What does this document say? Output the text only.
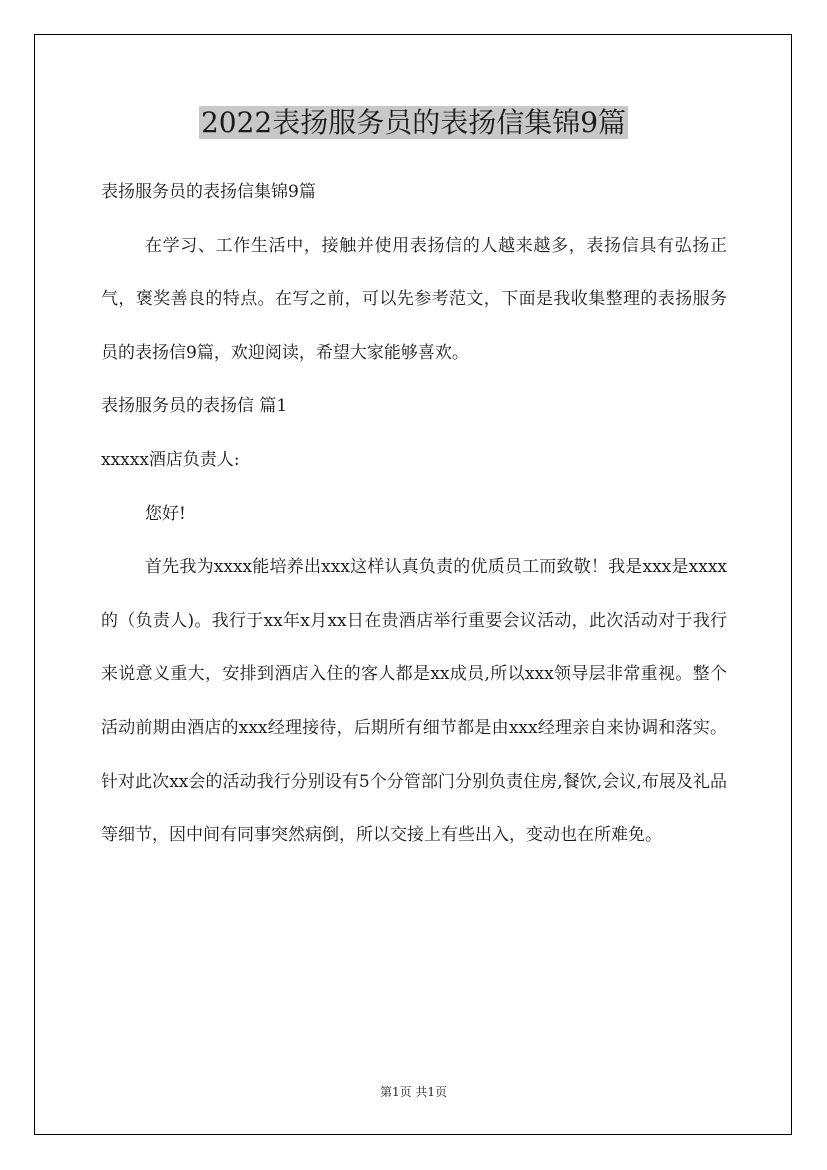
2022表扬服务员的表扬信集锦9篇

表扬服务员的表扬信集锦9篇

在学习、工作生活中，接触并使用表扬信的人越来越多，表扬信具有弘扬正气，褒奖善良的特点。在写之前，可以先参考范文，下面是我收集整理的表扬服务员的表扬信9篇，欢迎阅读，希望大家能够喜欢。

表扬服务员的表扬信 篇1

xxxxx酒店负责人:

您好!

首先我为xxxx能培养出xxx这样认真负责的优质员工而致敬！我是xxx是xxxx的（负责人)。我行于xx年x月xx日在贵酒店举行重要会议活动，此次活动对于我行来说意义重大，安排到酒店入住的客人都是xx成员,所以xxx领导层非常重视。整个活动前期由酒店的xxx经理接待，后期所有细节都是由xxx经理亲自来协调和落实。针对此次xx会的活动我行分别设有5个分管部门分别负责住房,餐饮,会议,布展及礼品等细节，因中间有同事突然病倒，所以交接上有些出入，变动也在所难免。

第1页 共1页
